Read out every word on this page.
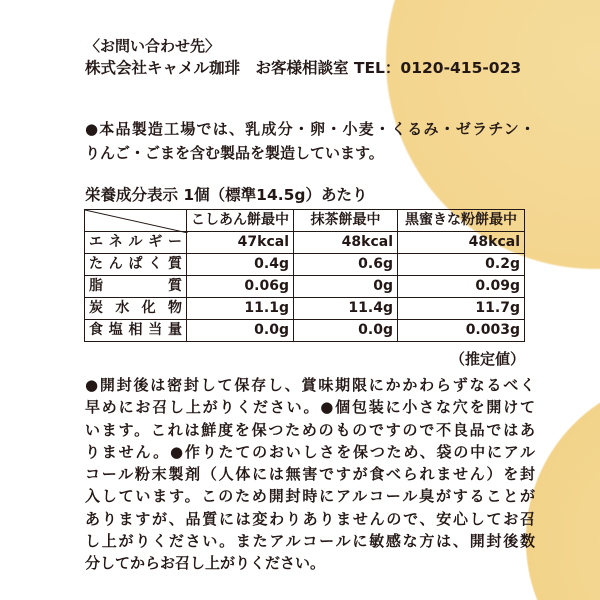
〈お問い合わせ先〉
株式会社キャメル珈琲　お客様相談室 TEL：0120-415-023
●本品製造工場では、乳成分・卵・小麦・くるみ・ゼラチン・
りんご・ごまを含む製品を製造しています。
栄養成分表示 1個（標準14.5g）あたり
	こしあん餅最中	抹茶餅最中	黒蜜きな粉餅最中
エネルギー	47kcal	48kcal	48kcal
たんぱく質	0.4g	0.6g	0.2g
脂　質	0.06g	0g	0.09g
炭水化物	11.1g	11.4g	11.7g
食塩相当量	0.0g	0.0g	0.003g
（推定値）
●開封後は密封して保存し、賞味期限にかかわらずなるべく
早めにお召し上がりください。●個包装に小さな穴を開けて
います。これは鮮度を保つためのものですので不良品ではあ
りません。●作りたてのおいしさを保つため、袋の中にアル
コール粉末製剤（人体には無害ですが食べられません）を封
入しています。このため開封時にアルコール臭がすることが
ありますが、品質には変わりありませんので、安心してお召
し上がりください。またアルコールに敏感な方は、開封後数
分してからお召し上がりください。
